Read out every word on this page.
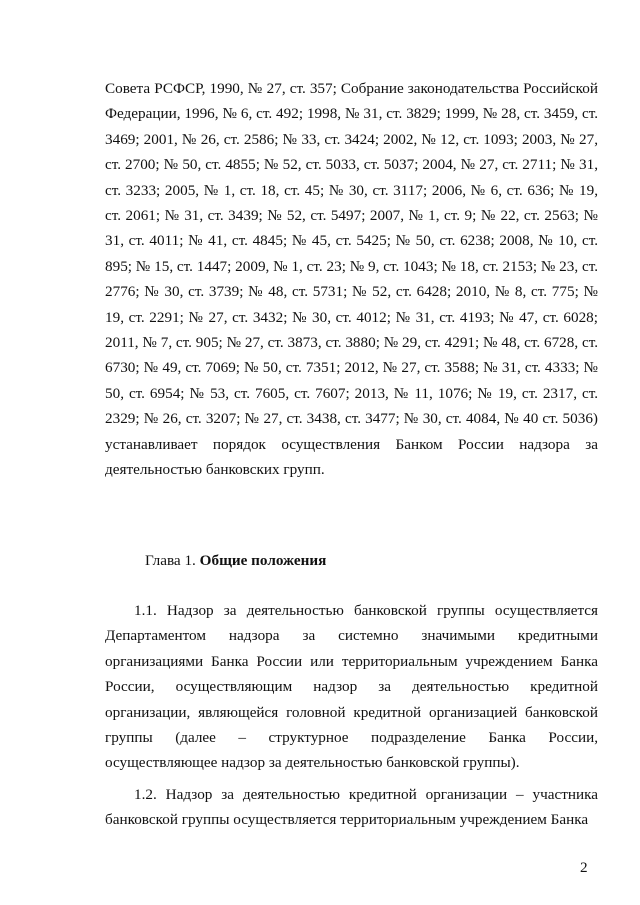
Совета РСФСР, 1990, № 27, ст. 357; Собрание законодательства Российской Федерации, 1996, № 6, ст. 492; 1998, № 31, ст. 3829; 1999, № 28, ст. 3459, ст. 3469; 2001, № 26, ст. 2586; № 33, ст. 3424; 2002, № 12, ст. 1093; 2003, № 27, ст. 2700; № 50, ст. 4855; № 52, ст. 5033, ст. 5037; 2004, № 27, ст. 2711; № 31, ст. 3233; 2005, № 1, ст. 18, ст. 45; № 30, ст. 3117; 2006, № 6, ст. 636; № 19, ст. 2061; № 31, ст. 3439; № 52, ст. 5497; 2007, № 1, ст. 9; № 22, ст. 2563; № 31, ст. 4011; № 41, ст. 4845; № 45, ст. 5425; № 50, ст. 6238; 2008, № 10, ст. 895; № 15, ст. 1447; 2009, № 1, ст. 23; № 9, ст. 1043; № 18, ст. 2153; № 23, ст. 2776; № 30, ст. 3739; № 48, ст. 5731; № 52, ст. 6428; 2010, № 8, ст. 775; № 19, ст. 2291; № 27, ст. 3432; № 30, ст. 4012; № 31, ст. 4193; № 47, ст. 6028; 2011, № 7, ст. 905; № 27, ст. 3873, ст. 3880; № 29, ст. 4291; № 48, ст. 6728, ст. 6730; № 49, ст. 7069; № 50, ст. 7351; 2012, № 27, ст. 3588; № 31, ст. 4333; № 50, ст. 6954; № 53, ст. 7605, ст. 7607; 2013, № 11, 1076; № 19, ст. 2317, ст. 2329; № 26, ст. 3207; № 27, ст. 3438, ст. 3477; № 30, ст. 4084, № 40 ст. 5036) устанавливает порядок осуществления Банком России надзора за деятельностью банковских групп.

Глава 1. Общие положения

1.1. Надзор за деятельностью банковской группы осуществляется Департаментом надзора за системно значимыми кредитными организациями Банка России или территориальным учреждением Банка России, осуществляющим надзор за деятельностью кредитной организации, являющейся головной кредитной организацией банковской группы (далее – структурное подразделение Банка России, осуществляющее надзор за деятельностью банковской группы).

1.2. Надзор за деятельностью кредитной организации – участника банковской группы осуществляется территориальным учреждением Банка

2
